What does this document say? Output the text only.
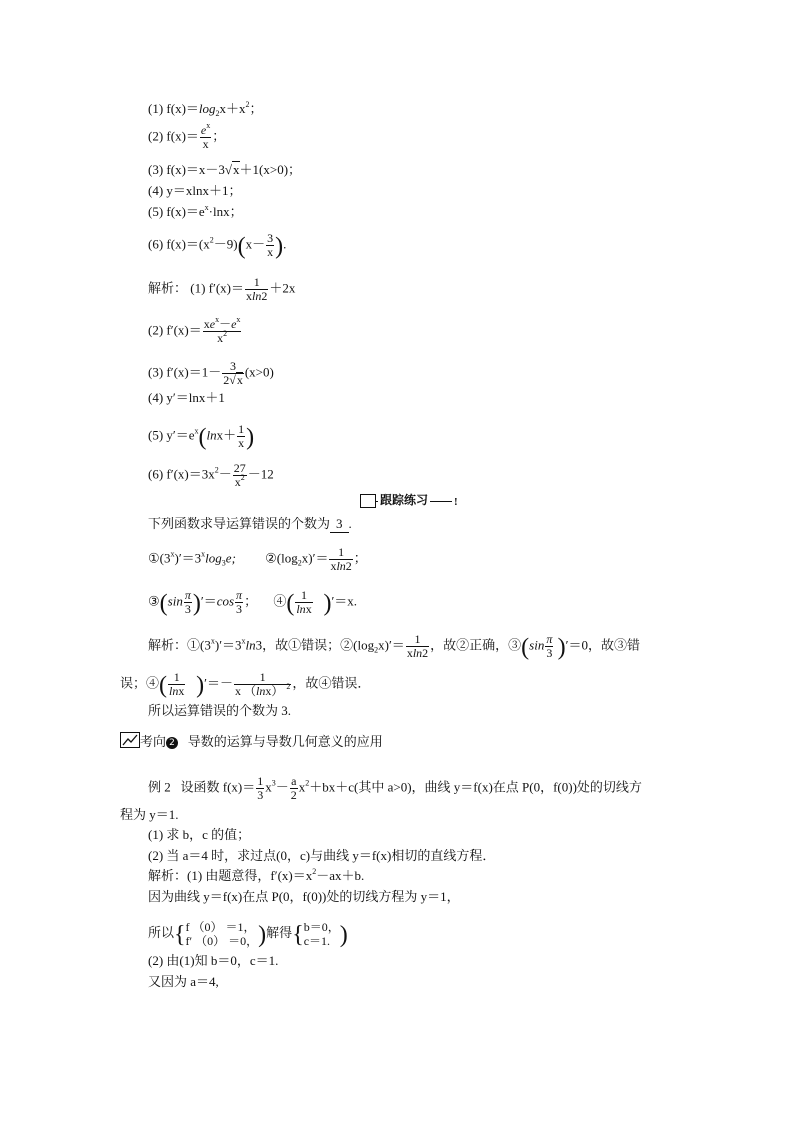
(1) $f(x)=\log_2x+x^2$；
(2) $f(x)= \frac{e^x}{x}$ ；
(3) f(x)＝x－3√x＋1(x>0)；
(4) y＝xlnx＋1；
(5) $f(x)=e^x\cdot\ln x$；
(6) $f(x)=(x^2-9)(x- \frac{3}{x}$ ).
解析： (1) $f'(x)= \frac{1}{xln2} +2x$
(2) $f'(x)= \frac{xe^x-e^x}{x^2}$
(3) $f'(x)=1- \frac{3}{2√x} (x>0)$
(4) y′＝lnx＋1
(5) $y'=e^x(\ln x+ \frac{1}{x}$ )
(6) $f'(x)=3x^2- \frac{27}{x^2} -12$
跟踪练习 ǃ
下列函数求导运算错误的个数为 3 .
$①(3^x)'=3^x\log_3e$; $②(\log_2x)'= \frac{1}{xln2}$ ；
③(sin $\frac{\pi}{3} )'=\cos \frac{\pi}{3}$ ；     ④( $\frac{1}{\ln x} )'=x$.
解析：$①(3^x)'=3^x\ln 3$，故①错误；$②(\log_2x)'= \frac{1}{xln2}$ ，故②正确，③(sin $\frac{\pi}{3} )'=0$，故③错
误；④( $\frac{1}{\ln x}$ )′＝－ $\frac{1}{x (\ln x) ^2}$ ，故④错误．
所以运算错误的个数为 3.
考向 2 导数的运算与导数几何意义的应用
例 2 设函数 $f(x)= \frac{1}{3} x^3- \frac{a}{2} x^2+bx+c$(其中 a>0)，曲线 y＝f(x)在点 P(0，f(0))处的切线方
程为 y＝1.
(1) 求 b，c 的值；
(2) 当 a＝4 时，求过点(0，c)与曲线 y＝f(x)相切的直线方程．
解析：(1) 由题意得，$f'(x)=x^2-ax+b$.
因为曲线 y＝f(x)在点 P(0，f(0))处的切线方程为 y＝1，
所以{f （0） ＝1，
f′ （0） ＝0，)解得{b＝0，
c＝1. )
(2) 由(1)知 b＝0，c＝1.
又因为 a＝4,
